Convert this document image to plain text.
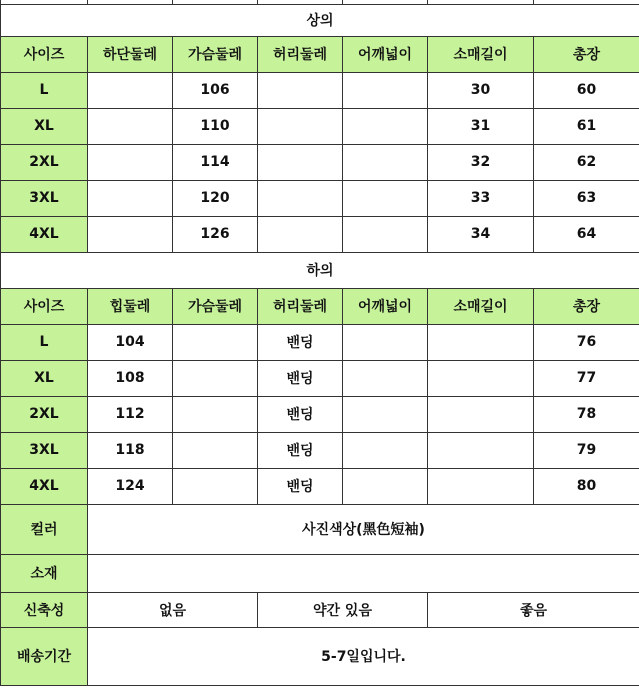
상의						
사이즈	하단둘레	가슴둘레	허리둘레	어깨넓이	소매길이	총장
L		106			30	60
XL		110			31	61
2XL		114			32	62
3XL		120			33	63
4XL		126			34	64
하의						
사이즈	힙둘레	가슴둘레	허리둘레	어깨넓이	소매길이	총장
L	104		밴딩			76
XL	108		밴딩			77
2XL	112		밴딩			78
3XL	118		밴딩			79
4XL	124		밴딩			80
컬러	사진색상(黑色短袖)					
소재						
신축성	없음		약간 있음		좋음	
배송기간	5-7일입니다.					
